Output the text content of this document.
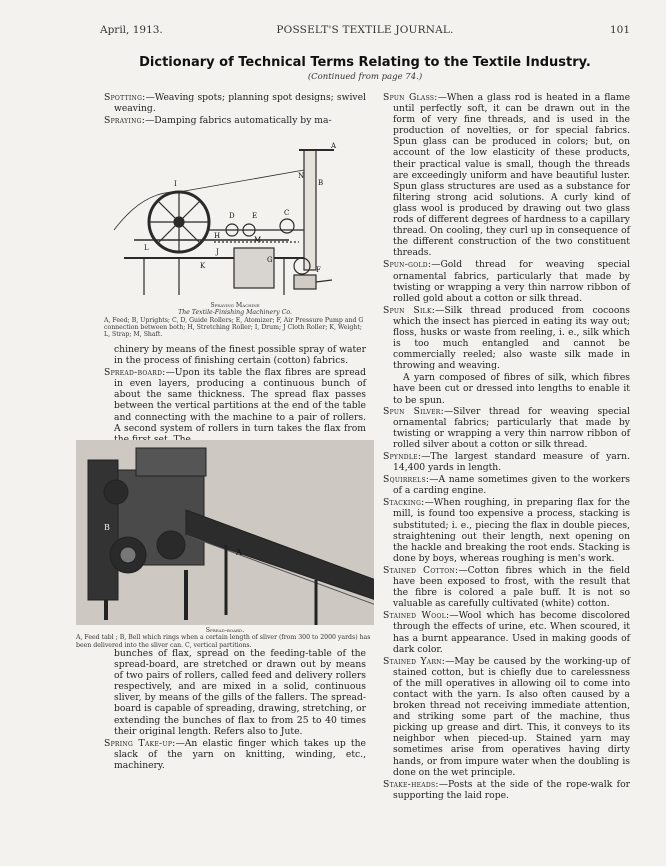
April, 1913.	POSSELT'S TEXTILE JOURNAL.	101
Dictionary of Technical Terms Relating to the Textile Industry.
(Continued from page 74.)

Spotting:—Weaving spots; planning spot designs; swivel weaving.

Spraying:—Damping fabrics automatically by ma-

A
B
N
C
D E
H
I
J
K
L
M
G
F
Spraying Machine
The Textile-Finishing Machinery Co.
A, Feed; B, Uprights; C, D, Guide Rollers; E, Atomizer; F, Air Pressure Pump and G connection between both; H, Stretching Roller; I, Drum; J Cloth Roller; K, Weight; L, Strap; M, Shaft.

chinery by means of the finest possible spray of water in the process of finishing certain (cotton) fabrics.

Spread-board:—Upon its table the flax fibres are spread in even layers, producing a continuous bunch of about the same thickness. The spread flax passes between the vertical partitions at the end of the table and connecting with the machine to a pair of rollers. A second system of rollers in turn takes the flax from

A
B
Spread-board.
A, Feed tabl ; B, Bell which rings when a certain length of sliver (from 300 to 2000 yards) has been delivered into the sliver can. C, vertical partitions.

bunches of flax, spread on the feeding-table of the spread-board, are stretched or drawn out by means of two pairs of rollers, called feed and delivery rollers respectively, and are mixed in a solid, continuous sliver, by means of the gills of the fallers. The spread-board is capable of spreading, drawing, stretching, or extending the bunches of flax to from 25 to 40 times their original length. Refers also to Jute.

Spring Take-up:—An elastic finger which takes up the slack of the yarn on knitting, winding, etc., machinery.

Spun Glass:—When a glass rod is heated in a flame until perfectly soft, it can be drawn out in the form of very fine threads, and is used in the production of novelties, or for special fabrics. Spun glass can be produced in colors; but, on account of the low elasticity of these products, their practical value is small, though the threads are exceedingly uniform and have beautiful luster. Spun glass structures are used as a substance for filtering strong acid solutions. A curly kind of glass wool is produced by drawing out two glass rods of different degrees of hardness to a capillary thread. On cooling, they curl up in consequence of the different construction of the two constituent threads.

Spun-gold:—Gold thread for weaving special ornamental fabrics, particularly that made by twisting or wrapping a very thin narrow ribbon of rolled gold about a cotton or silk thread.

Spun Silk:—Silk thread produced from cocoons which the insect has pierced in eating its way out; floss, husks or waste from reeling, i. e., silk which is too much entangled and cannot be commercially reeled; also waste silk made in throwing and weaving.

A yarn composed of fibres of silk, which fibres have been cut or dressed into lengths to enable it to be spun.

Spun Silver:—Silver thread for weaving special ornamental fabrics; particularly that made by twisting or wrapping a very thin narrow ribbon of rolled silver about a cotton or silk thread.

Spyndle:—The largest standard measure of yarn. 14,400 yards in length.

Squirrels:—A name sometimes given to the workers of a carding engine.

Stacking:—When roughing, in preparing flax for the mill, is found too expensive a process, stacking is substituted; i. e., piecing the flax in double pieces, straightening out their length, next opening on the hackle and breaking the root ends. Stacking is done by boys, whereas roughing is men's work.

Stained Cotton:—Cotton fibres which in the field have been exposed to frost, with the result that the fibre is colored a pale buff. It is not so valuable as carefully cultivated (white) cotton.

Stained Wool:—Wool which has become discolored through the effects of urine, etc. When scoured, it has a burnt appearance. Used in making goods of dark color.

Stained Yarn:—May be caused by the working-up of stained cotton, but is chiefly due to carelessness of the mill operatives in allowing oil to come into contact with the yarn. Is also often caused by a broken thread not receiving immediate attention, and striking some part of the machine, thus picking up grease and dirt. This, it conveys to its neighbor when pieced-up. Stained yarn may sometimes arise from operatives having dirty hands, or from impure water when the doubling is done on the wet principle.

Stake-heads:—Posts at the side of the rope-walk for supporting the laid rope.
